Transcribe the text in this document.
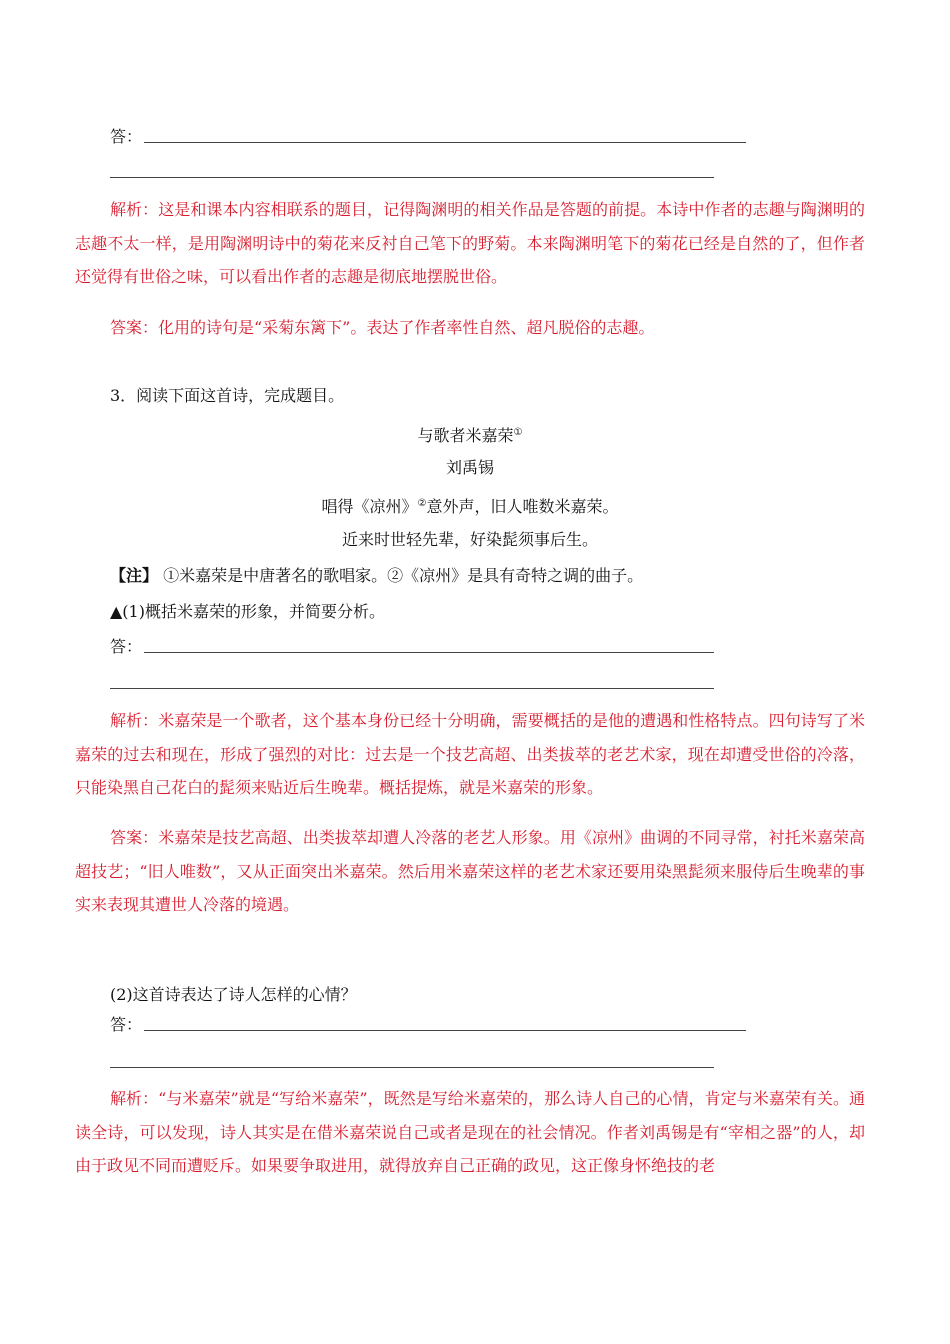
答：

解析：这是和课本内容相联系的题目，记得陶渊明的相关作品是答题的前提。本诗中作者的志趣与陶渊明的志趣不太一样，是用陶渊明诗中的菊花来反衬自己笔下的野菊。本来陶渊明笔下的菊花已经是自然的了，但作者还觉得有世俗之味，可以看出作者的志趣是彻底地摆脱世俗。

答案：化用的诗句是“采菊东篱下”。表达了作者率性自然、超凡脱俗的志趣。

3．阅读下面这首诗，完成题目。
与歌者米嘉荣①
刘禹锡
唱得《凉州》②意外声，旧人唯数米嘉荣。
近来时世轻先辈，好染髭须事后生。
【注】 ①米嘉荣是中唐著名的歌唱家。②《凉州》是具有奇特之调的曲子。
▲(1)概括米嘉荣的形象，并简要分析。
答：

解析：米嘉荣是一个歌者，这个基本身份已经十分明确，需要概括的是他的遭遇和性格特点。四句诗写了米嘉荣的过去和现在，形成了强烈的对比：过去是一个技艺高超、出类拔萃的老艺术家，现在却遭受世俗的冷落，只能染黑自己花白的髭须来贴近后生晚辈。概括提炼，就是米嘉荣的形象。

答案：米嘉荣是技艺高超、出类拔萃却遭人冷落的老艺人形象。用《凉州》曲调的不同寻常，衬托米嘉荣高超技艺；“旧人唯数”，又从正面突出米嘉荣。然后用米嘉荣这样的老艺术家还要用染黑髭须来服侍后生晚辈的事实来表现其遭世人冷落的境遇。

(2)这首诗表达了诗人怎样的心情？
答：

解析：“与米嘉荣”就是“写给米嘉荣”，既然是写给米嘉荣的，那么诗人自己的心情，肯定与米嘉荣有关。通读全诗，可以发现，诗人其实是在借米嘉荣说自己或者是现在的社会情况。作者刘禹锡是有“宰相之器”的人，却由于政见不同而遭贬斥。如果要争取进用，就得放弃自己正确的政见，这正像身怀绝技的老
